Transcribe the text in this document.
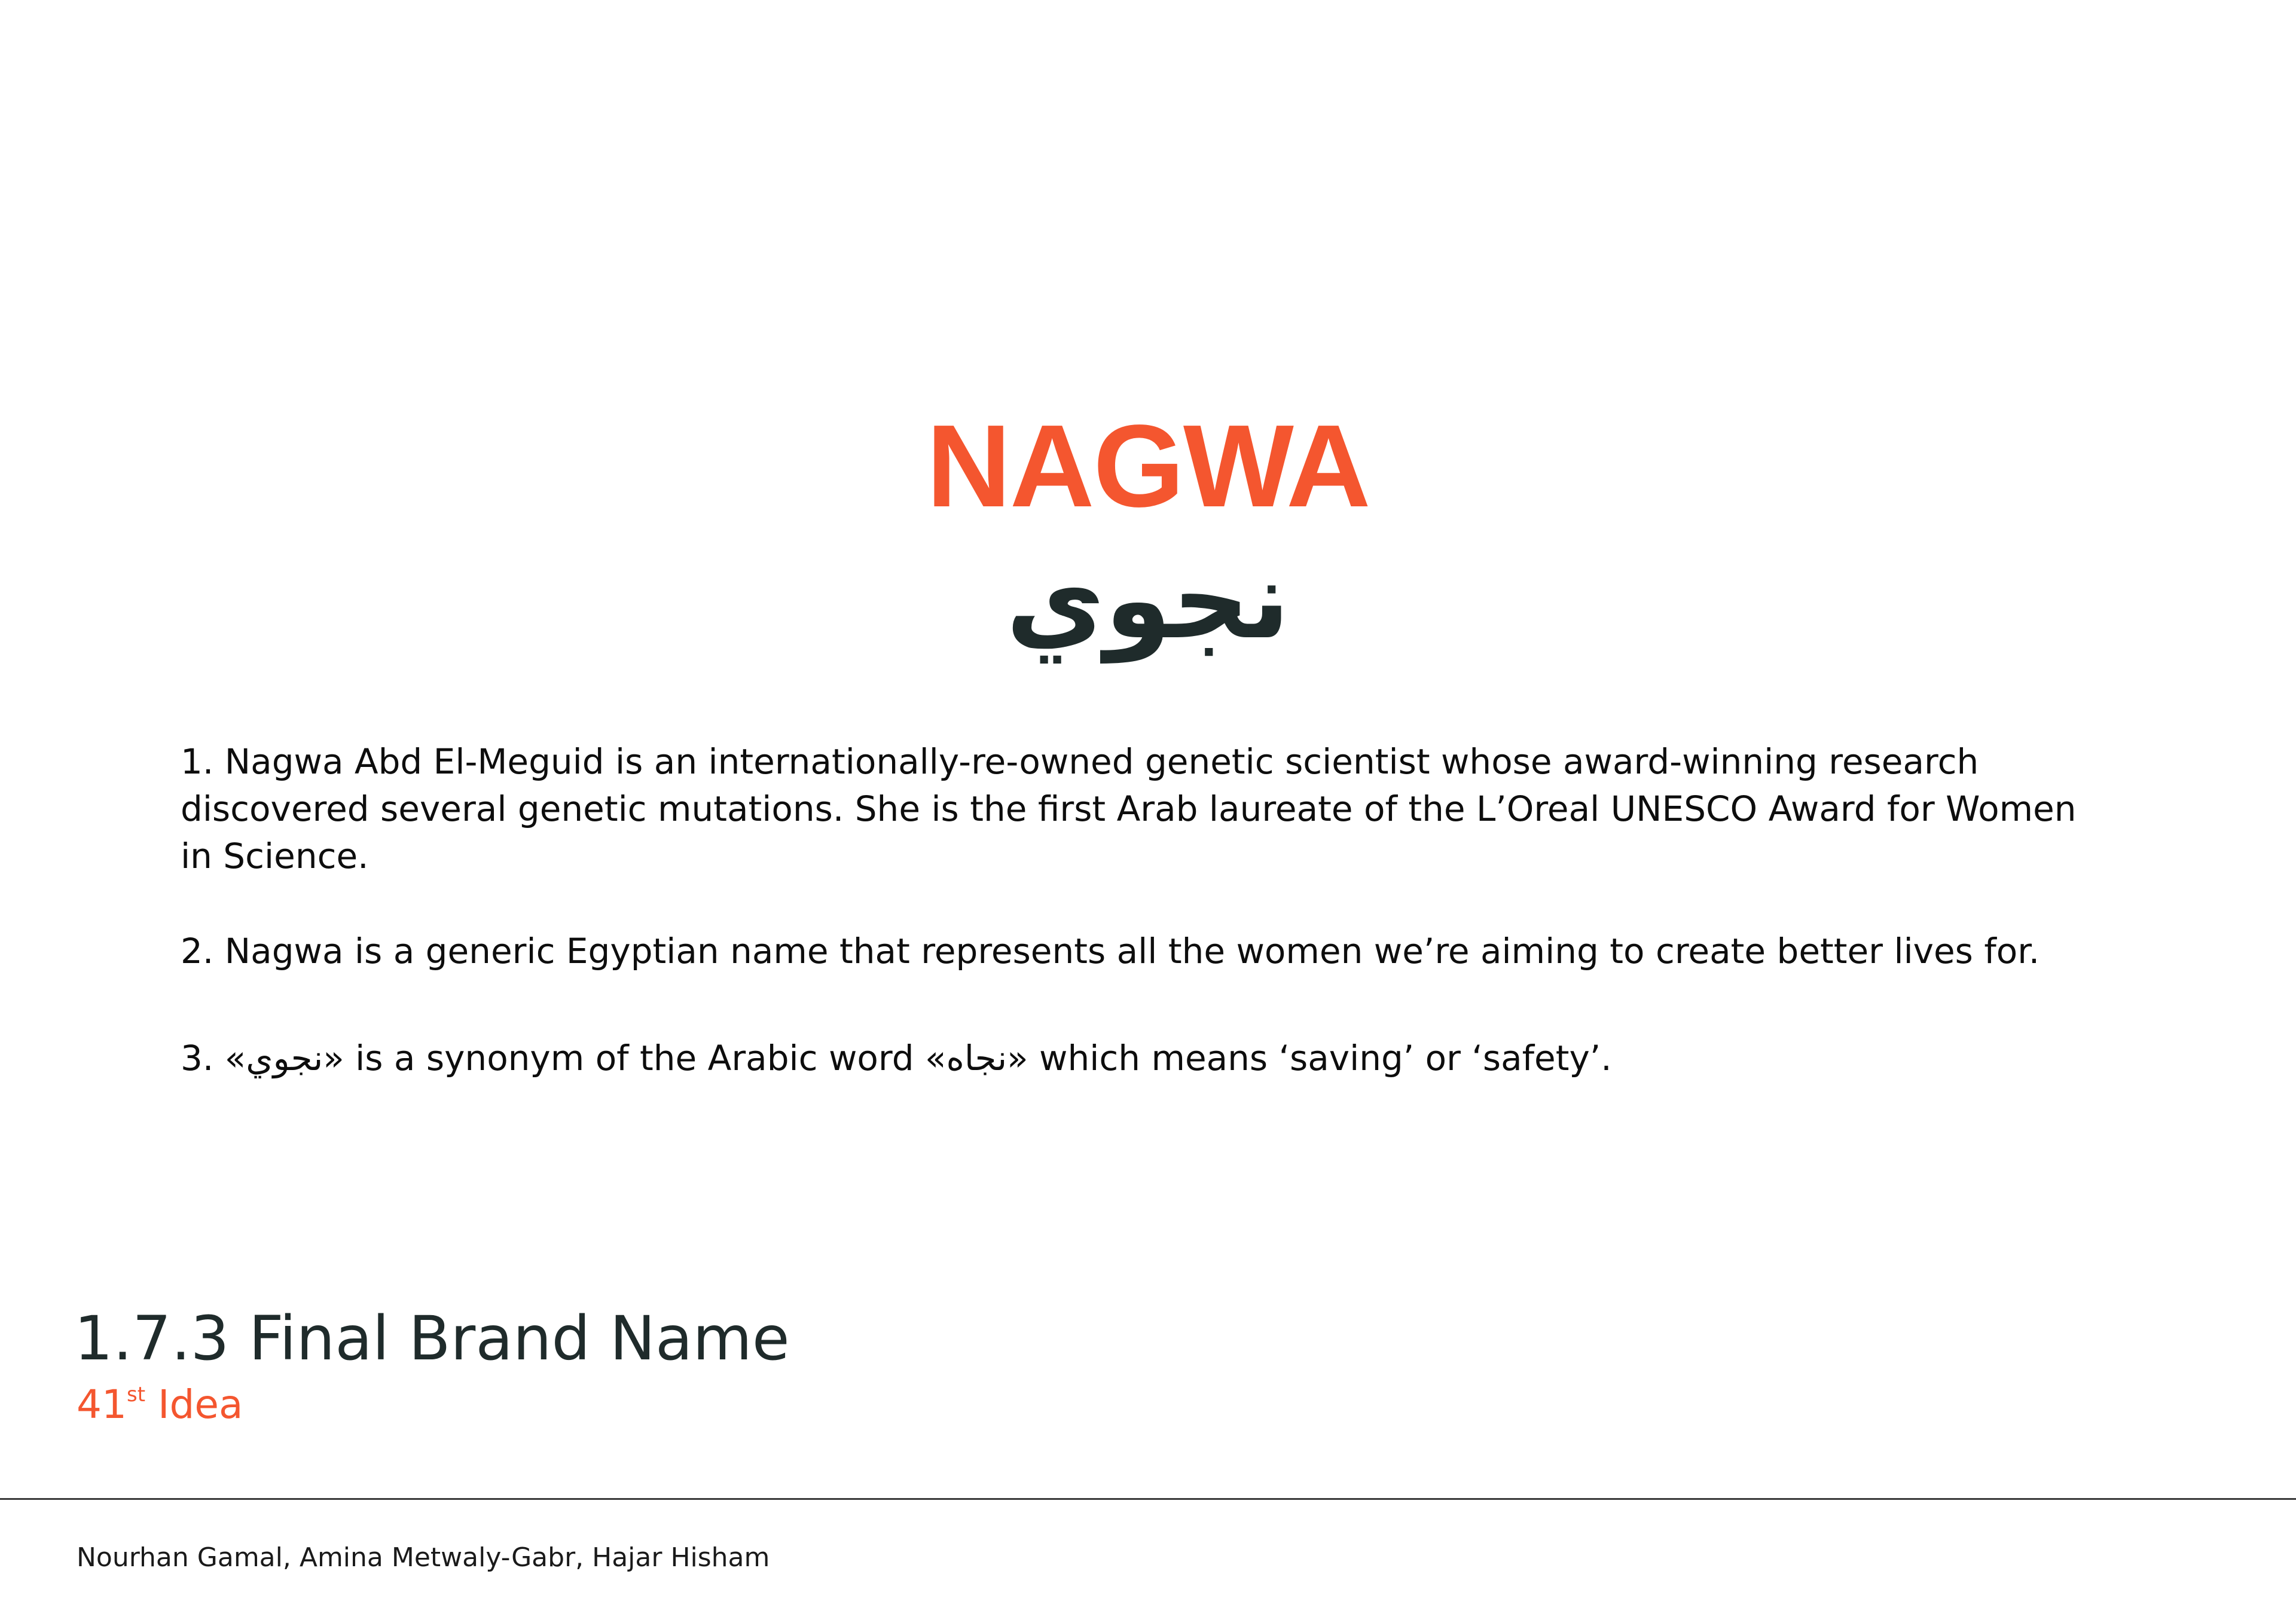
NAGWA
نجوي

1. Nagwa Abd El-Meguid is an internationally-re-owned genetic scientist whose award-winning research discovered several genetic mutations. She is the first Arab laureate of the L’Oreal UNESCO Award for Women in Science.

2. Nagwa is a generic Egyptian name that represents all the women we’re aiming to create better lives for.

3. «نجوي» is a synonym of the Arabic word «نجاه» which means ‘saving’ or ‘safety’.

1.7.3 Final Brand Name
41st Idea
Nourhan Gamal, Amina Metwaly-Gabr, Hajar Hisham
